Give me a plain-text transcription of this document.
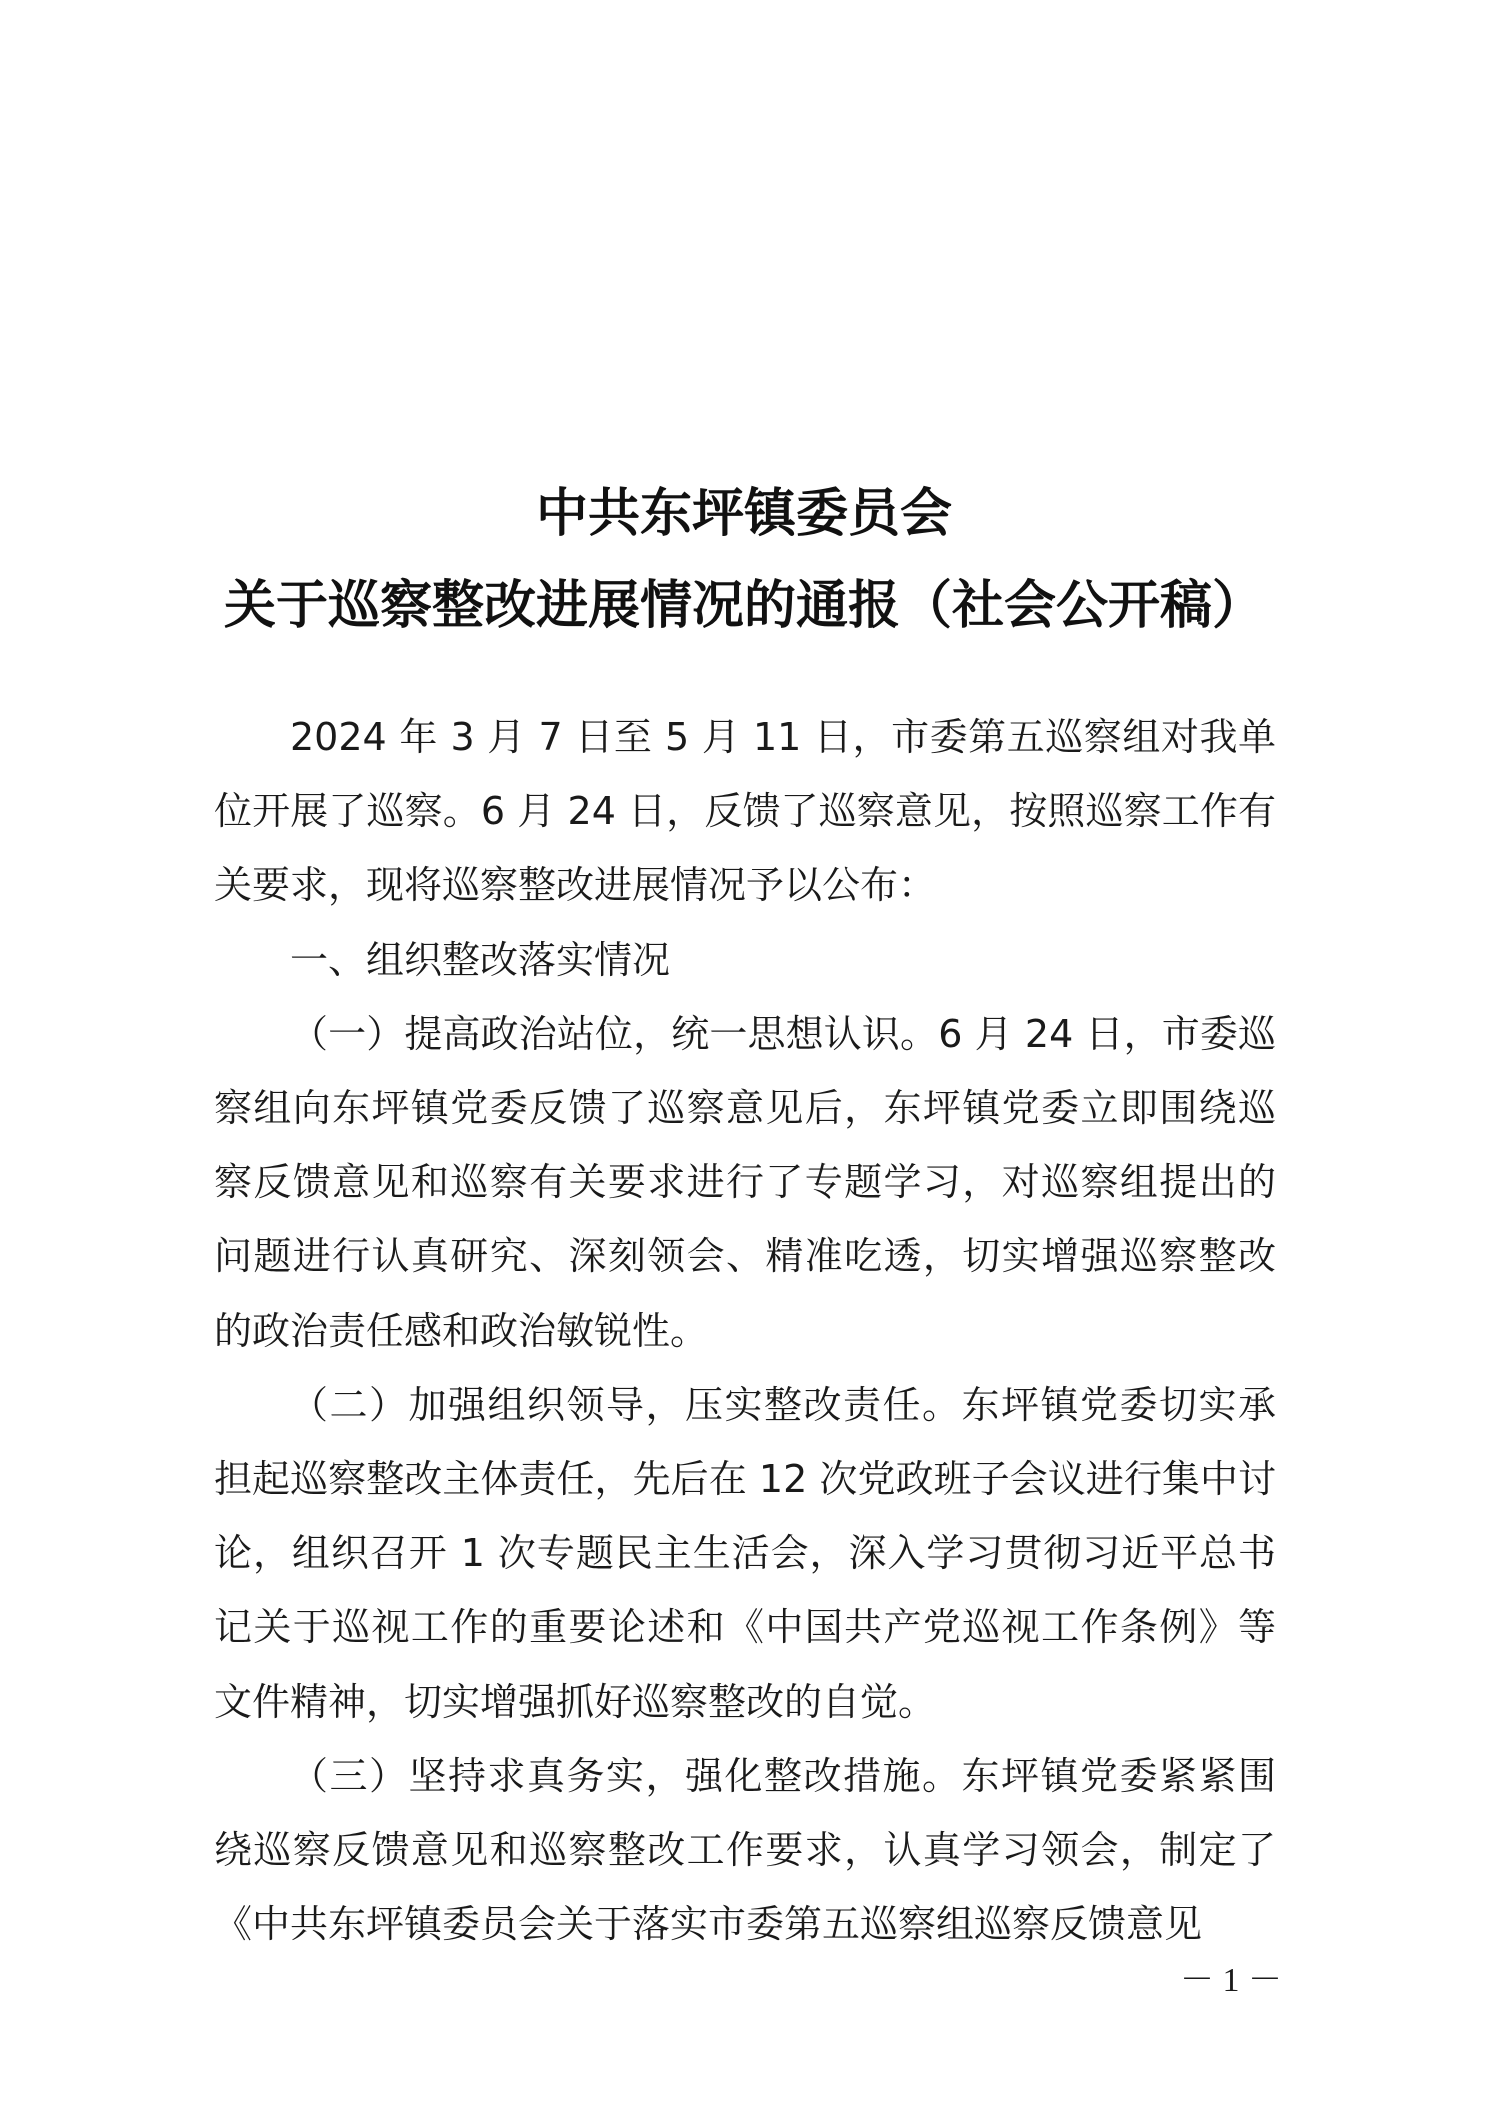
中共东坪镇委员会
关于巡察整改进展情况的通报（社会公开稿）

2024 年 3 月 7 日至 5 月 11 日，市委第五巡察组对我单位开展了巡察。6 月 24 日，反馈了巡察意见，按照巡察工作有关要求，现将巡察整改进展情况予以公布：

一、组织整改落实情况

（一）提高政治站位，统一思想认识。6 月 24 日，市委巡察组向东坪镇党委反馈了巡察意见后，东坪镇党委立即围绕巡察反馈意见和巡察有关要求进行了专题学习，对巡察组提出的问题进行认真研究、深刻领会、精准吃透，切实增强巡察整改的政治责任感和政治敏锐性。

（二）加强组织领导，压实整改责任。东坪镇党委切实承担起巡察整改主体责任，先后在 12 次党政班子会议进行集中讨论，组织召开 1 次专题民主生活会，深入学习贯彻习近平总书记关于巡视工作的重要论述和《中国共产党巡视工作条例》等文件精神，切实增强抓好巡察整改的自觉。

（三）坚持求真务实，强化整改措施。东坪镇党委紧紧围绕巡察反馈意见和巡察整改工作要求，认真学习领会，制定了《中共东坪镇委员会关于落实市委第五巡察组巡察反馈意见

－ 1 －
